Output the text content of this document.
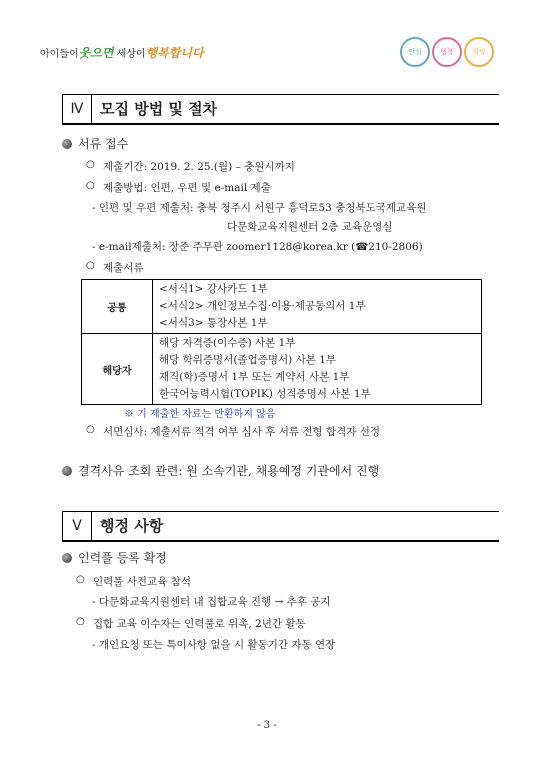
아이들이웃으면 세상이행복합니다	안심	행복	희망
Ⅳ	모집 방법 및 절차
서류 접수
○ 제출기간: 2019. 2. 25.(월) – 충원시까지
○ 제출방법: 인편, 우편 및 e-mail 제출
- 인편 및 우편 제출처: 충북 청주시 서원구 흥덕로53 충청북도국제교육원
다문화교육지원센터 2층 교육운영실
- e-mail제출처: 장준 주무관 zoomer1128@korea.kr (☎210-2806)
○ 제출서류
공통	<서식1> 강사카드 1부
<서식2> 개인정보수집·이용·제공동의서 1부
<서식3> 통장사본 1부

해당자	해당 자격증(이수증) 사본 1부
해당 학위증명서(졸업증명서) 사본 1부
재직(학)증명서 1부 또는 계약서 사본 1부
한국어능력시험(TOPIK) 성적증명서 사본 1부
※ 기 제출한 자료는 반환하지 않음
○ 서면심사: 제출서류 적격 여부 심사 후 서류 전형 합격자 선정
결격사유 조회 관련: 원 소속기관, 채용예정 기관에서 진행
Ⅴ	행정 사항
인력풀 등록 확정
○ 인력풀 사전교육 참석
- 다문화교육지원센터 내 집합교육 진행 → 추후 공지
○ 집합 교육 이수자는 인력풀로 위촉, 2년간 활동
- 개인요청 또는 특이사항 없을 시 활동기간 자동 연장
- 3 -
